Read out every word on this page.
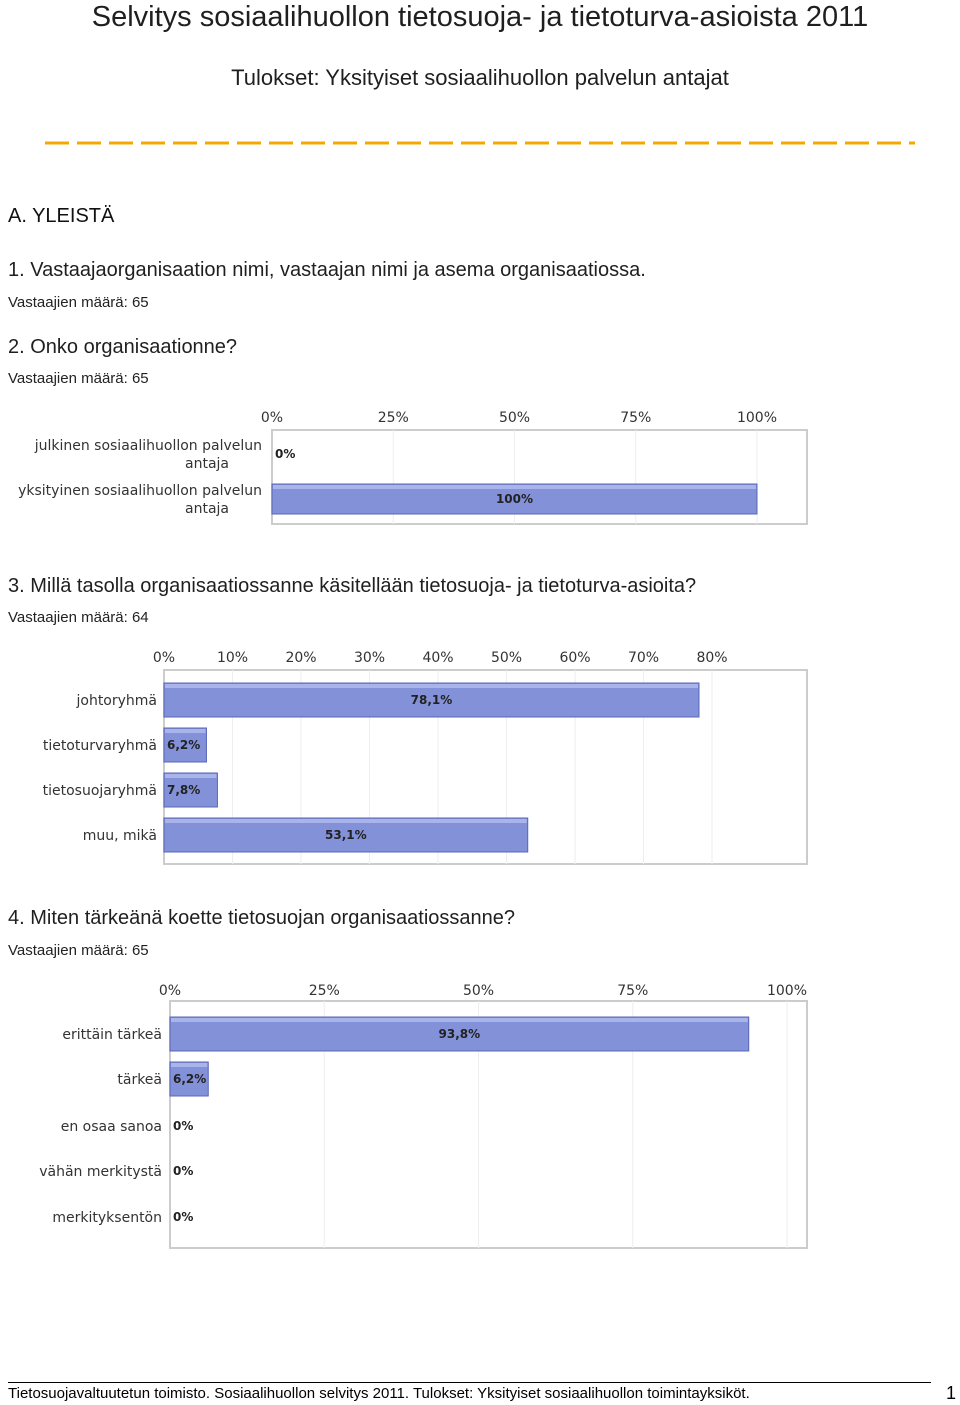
Selvitys sosiaalihuollon tietosuoja- ja tietoturva-asioista 2011
Tulokset: Yksityiset sosiaalihuollon palvelun antajat
A. YLEISTÄ
1. Vastaajaorganisaation nimi, vastaajan nimi ja asema organisaatiossa.
Vastaajien määrä: 65
2. Onko organisaationne?
Vastaajien määrä: 65
0%	25%	50%	75%	100%
julkinen sosiaalihuollon palvelun
antaja
0%
yksityinen sosiaalihuollon palvelun
antaja
100%
3. Millä tasolla organisaatiossanne käsitellään tietosuoja- ja tietoturva-asioita?
Vastaajien määrä: 64
0%	10%	20%	30%	40%	50%	60%	70%	80%
johtoryhmä	78,1%
tietoturvaryhmä 6,2%
tietosuojaryhmä 7,8%
muu, mikä	53,1%
4. Miten tärkeänä koette tietosuojan organisaatiossanne?
Vastaajien määrä: 65
0%	25%	50%	75%	100%
erittäin tärkeä	93,8%
tärkeä 6,2%
en osaa sanoa 0%
vähän merkitystä 0%
merkityksentön 0%
Tietosuojavaltuutetun toimisto. Sosiaalihuollon selvitys 2011. Tulokset: Yksityiset sosiaalihuollon toimintayksiköt.	1
